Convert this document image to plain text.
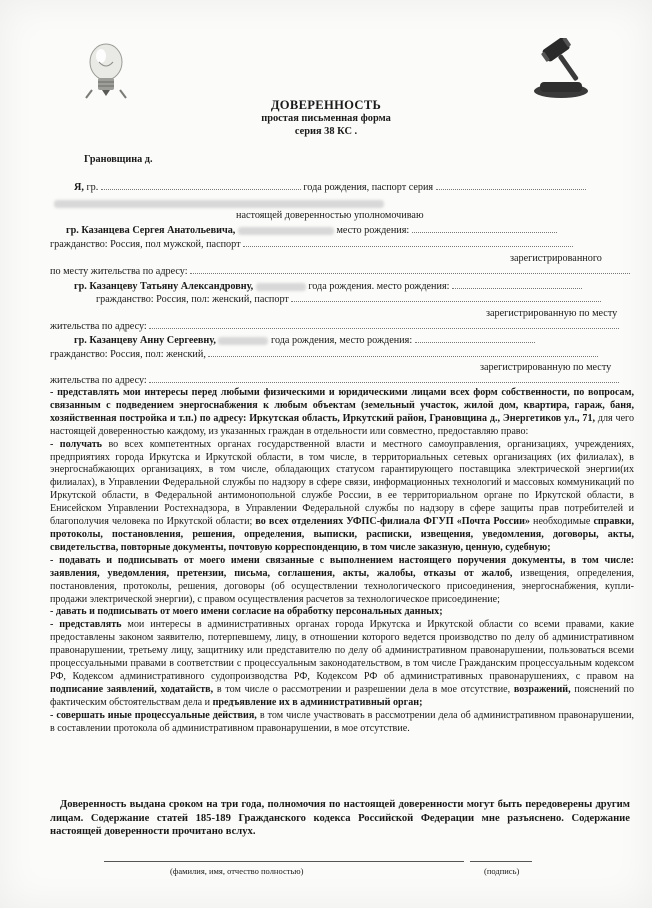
ДОВЕРЕННОСТЬ
простая письменная форма
серия 38 КС .
Грановщина д.
Я, гр.	года рождения, паспорт серия
настоящей доверенностью уполномочиваю
гр. Казанцева Сергея Анатольевича,	место рождения:
гражданство: Россия, пол мужской, паспорт
зарегистрированного
по месту жительства по адресу:
гр. Казанцеву Татьяну Александровну,	года рождения. место рождения:
гражданство: Россия, пол: женский, паспорт
зарегистрированную по месту
жительства по адресу:
гр. Казанцеву Анну Сергеевну,	года рождения, место рождения:
гражданство: Россия, пол: женский,
зарегистрированную по месту
жительства по адресу:

- представлять мои интересы перед любыми физическими и юридическими лицами всех форм собственности, по вопросам, связанным с подведением энергоснабжения к любым объектам (земельный участок, жилой дом, квартира, гараж, баня, хозяйственная постройка и т.п.) по адресу: Иркутская область, Иркутский район, Грановщина д., Энергетиков ул., 71, для чего настоящей доверенностью каждому, из указанных граждан в отдельности или совместно, предоставляю право:

- получать во всех компетентных органах государственной власти и местного самоуправления, организациях, учреждениях, предприятиях города Иркутска и Иркутской области, в том числе, в территориальных сетевых организациях (их филиалах), в энергоснабжающих организациях, в том числе, обладающих статусом гарантирующего поставщика электрической энергии(их филиалах), в Управлении Федеральной службы по надзору в сфере связи, информационных технологий и массовых коммуникаций по Иркутской области, в Федеральной антимонопольной службе России, в ее территориальном органе по Иркутской области, в Енисейском Управлении Ростехнадзора, в Управлении Федеральной службы по надзору в сфере защиты прав потребителей и благополучия человека по Иркутской области; во всех отделениях УФПС-филиала ФГУП «Почта России» необходимые справки, протоколы, постановления, решения, определения, выписки, расписки, извещения, уведомления, договоры, акты, свидетельства, повторные документы, почтовую корреспонденцию, в том числе заказную, ценную, судебную;

- подавать и подписывать от моего имени связанные с выполнением настоящего поручения документы, в том числе: заявления, уведомления, претензии, письма, соглашения, акты, жалобы, отказы от жалоб, извещения, определения, постановления, протоколы, решения, договоры (об осуществлении технологического присоединения, энергоснабжения, купли-продажи электрической энергии), с правом осуществления расчетов за технологическое присоединение;

- давать и подписывать от моего имени согласие на обработку персональных данных;

- представлять мои интересы в административных органах города Иркутска и Иркутской области со всеми правами, какие предоставлены законом заявителю, потерпевшему, лицу, в отношении которого ведется производство по делу об административном правонарушении, третьему лицу, защитнику или представителю по делу об административном правонарушении, пользоваться всеми процессуальными правами в соответствии с процессуальным законодательством, в том числе Гражданским процессуальным кодексом РФ, Кодексом административного судопроизводства РФ, Кодексом РФ об административных правонарушениях, с правом на подписание заявлений, ходатайств, в том числе о рассмотрении и разрешении дела в мое отсутствие, возражений, пояснений по фактическим обстоятельствам дела и предъявление их в административный орган;

- совершать иные процессуальные действия, в том числе участвовать в рассмотрении дела об административном правонарушении, в составлении протокола об административном правонарушении, в мое отсутствие.

Доверенность выдана сроком на три года, полномочия по настоящей доверенности могут быть передоверены другим лицам. Содержание статей 185-189 Гражданского кодекса Российской Федерации мне разъяснено. Содержание настоящей доверенности прочитано вслух.
(фамилия, имя, отчество полностью)	(подпись)
